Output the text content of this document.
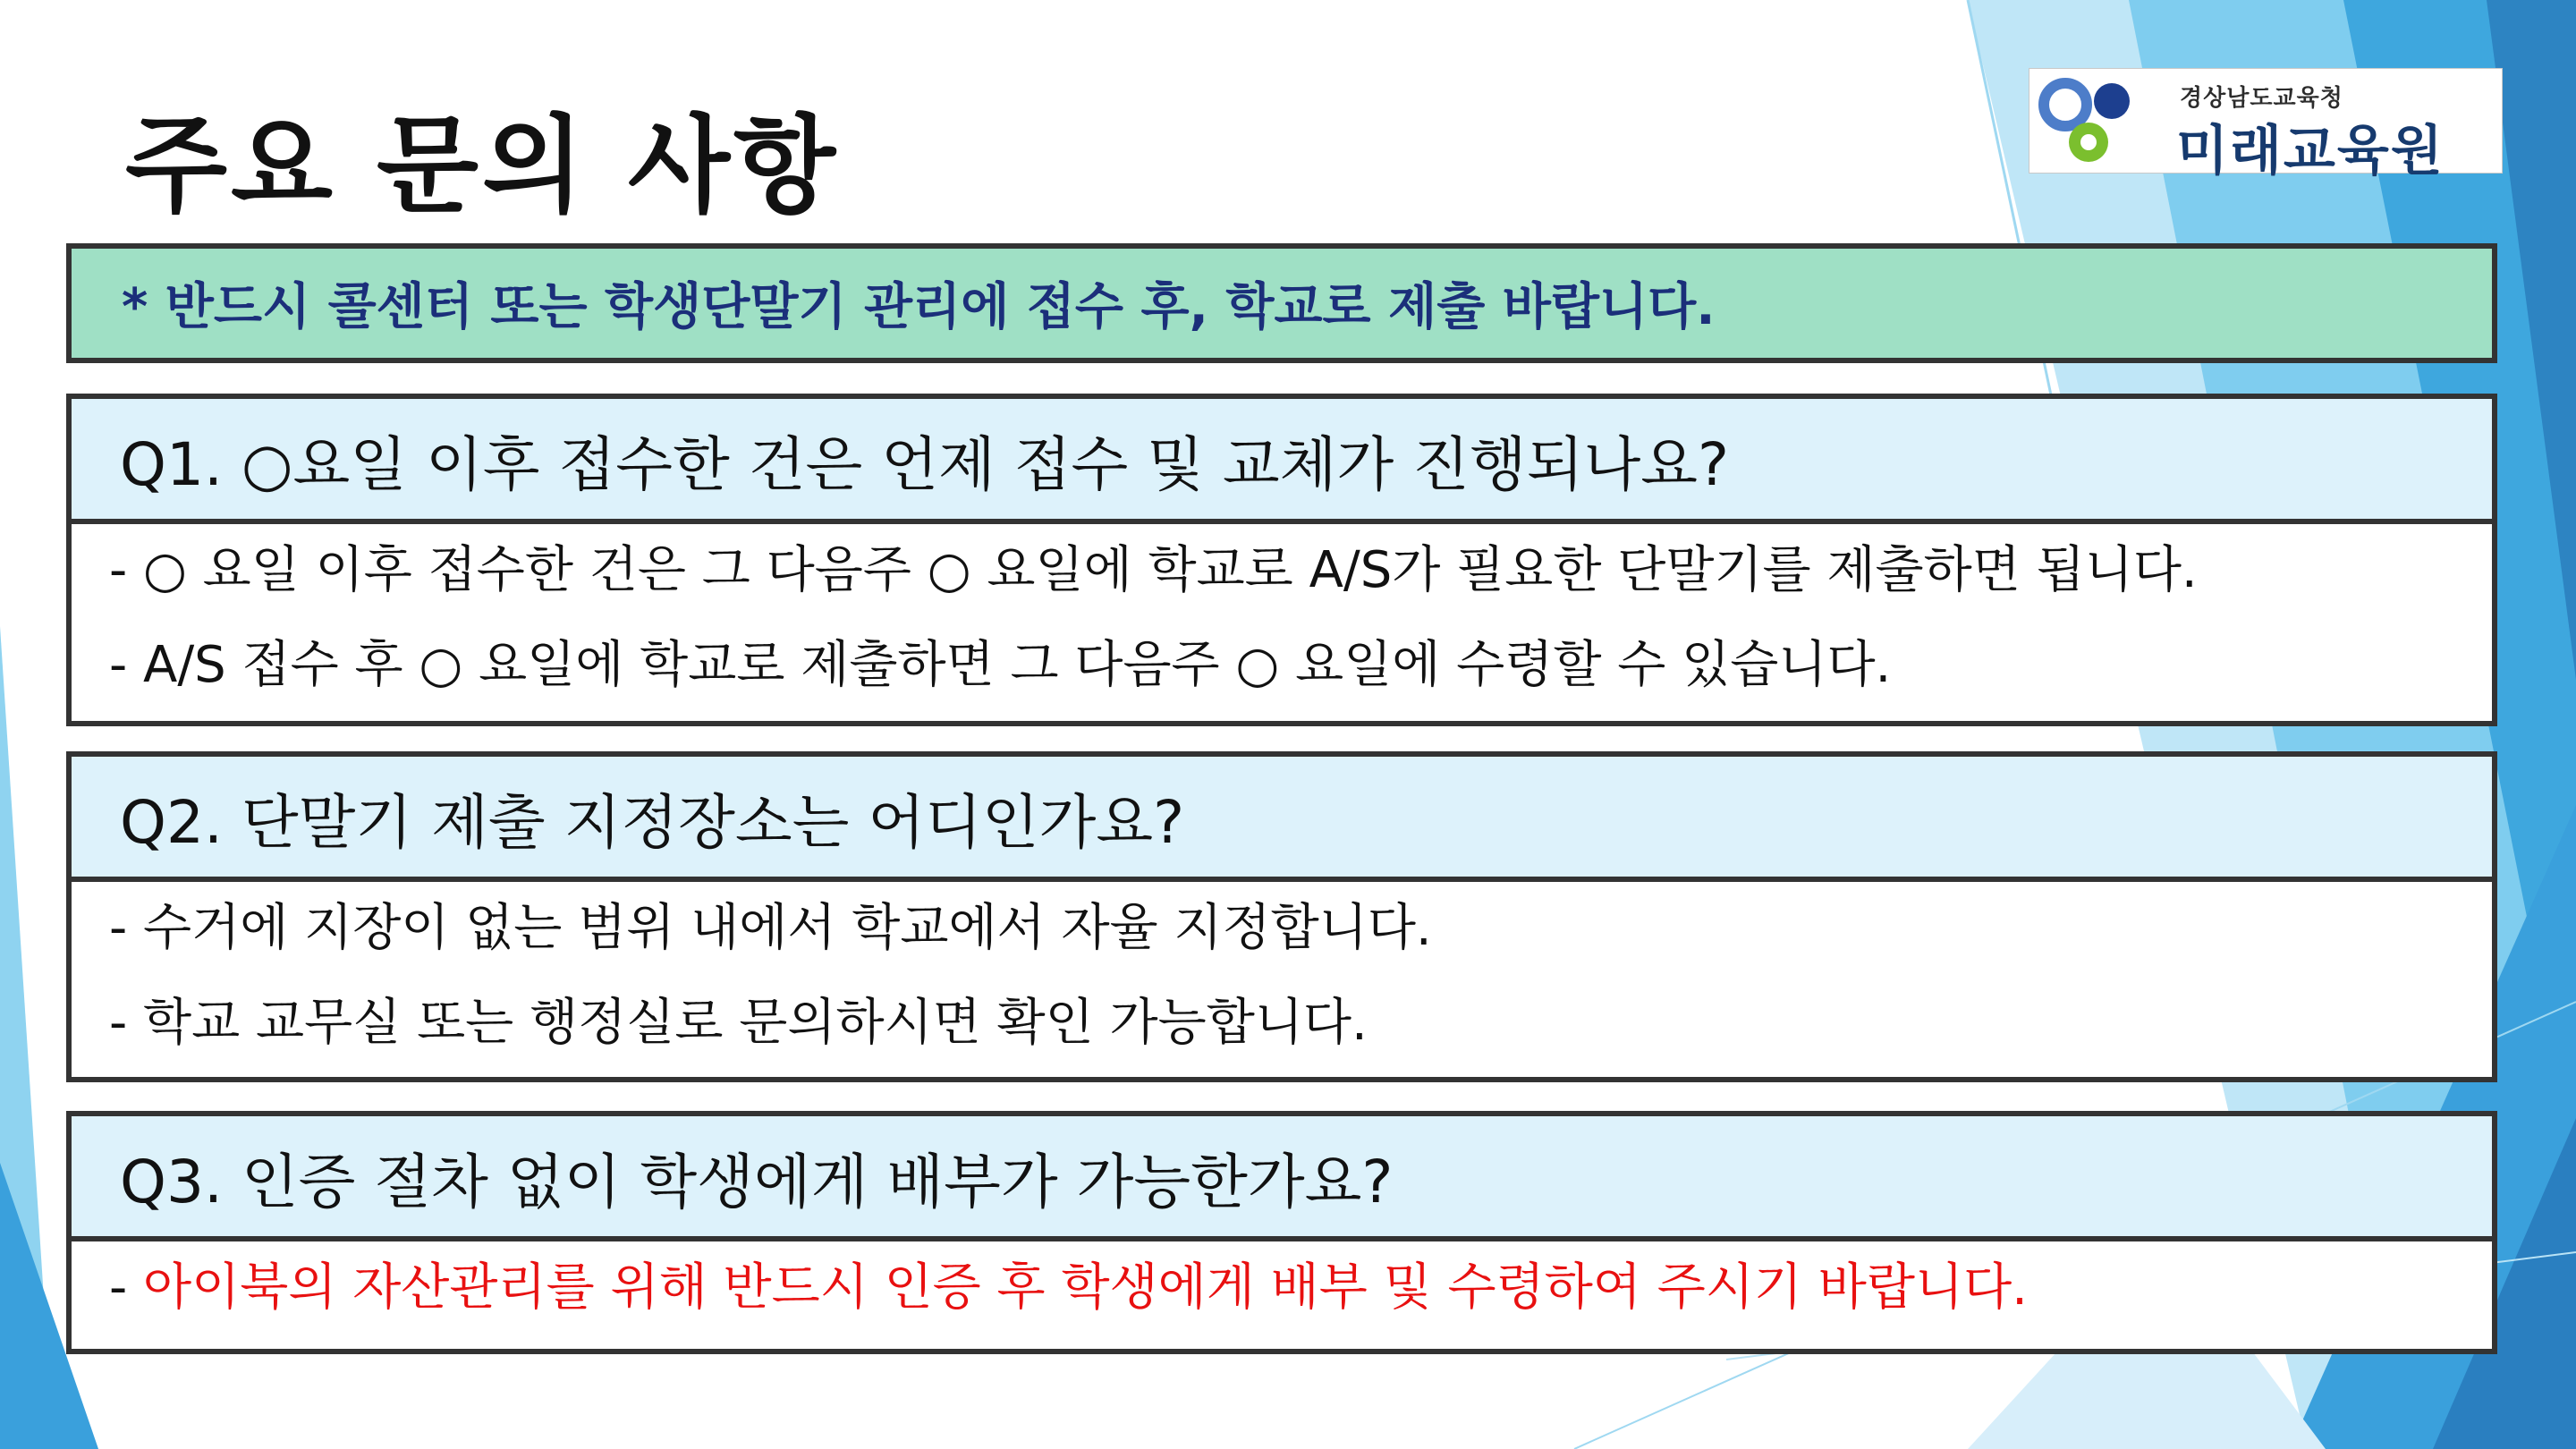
주요 문의 사항
경상남도교육청
미래교육원
* 반드시 콜센터 또는 학생단말기 관리에 접수 후, 학교로 제출 바랍니다.
Q1. ○요일 이후 접수한 건은 언제 접수 및 교체가 진행되나요?
- ○ 요일 이후 접수한 건은 그 다음주 ○ 요일에 학교로 A/S가 필요한 단말기를 제출하면 됩니다.
- A/S 접수 후 ○ 요일에 학교로 제출하면 그 다음주 ○ 요일에 수령할 수 있습니다.
Q2. 단말기 제출 지정장소는 어디인가요?
- 수거에 지장이 없는 범위 내에서 학교에서 자율 지정합니다.
- 학교 교무실 또는 행정실로 문의하시면 확인 가능합니다.
Q3. 인증 절차 없이 학생에게 배부가 가능한가요?
- 아이북의 자산관리를 위해 반드시 인증 후 학생에게 배부 및 수령하여 주시기 바랍니다.
